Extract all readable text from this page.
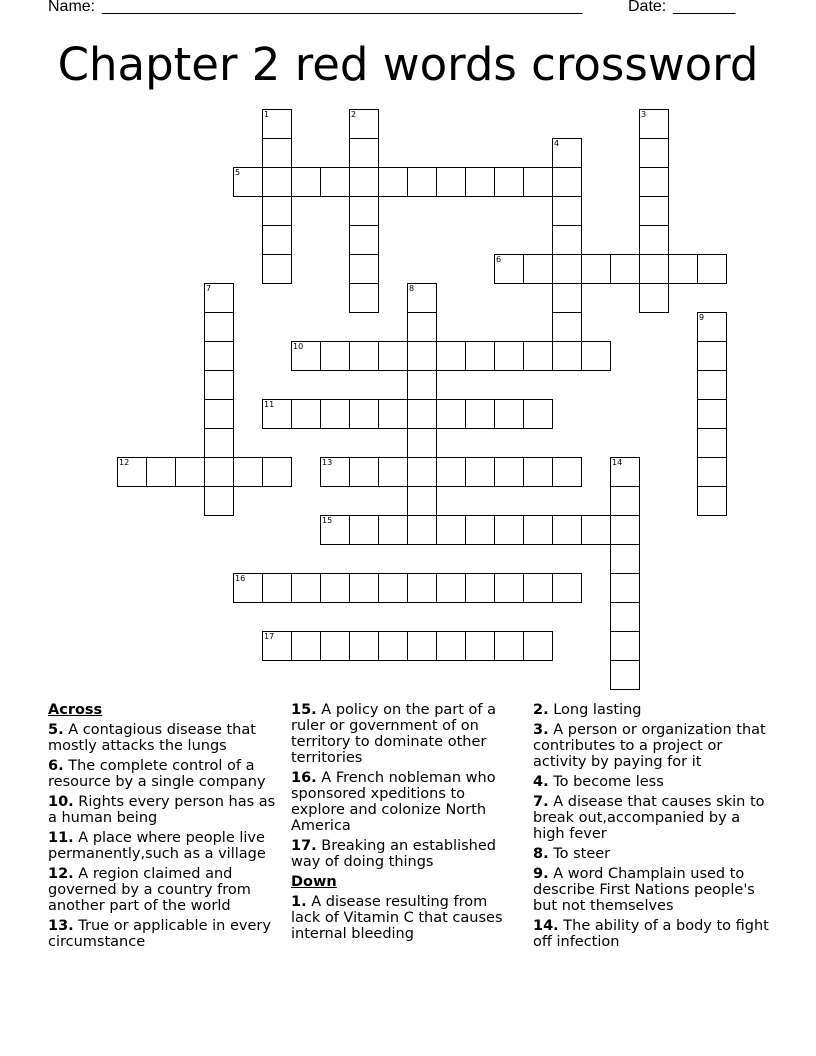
Name: ______________________________________________________	Date: _______
Chapter 2 red words crossword
1	2	3
4
5
6
7	8
9
10
11
12	13	14
15
16
17
Across
5. A contagious disease that mostly attacks the lungs
6. The complete control of a resource by a single company
10. Rights every person has as a human being
11. A place where people live permanently,such as a village
12. A region claimed and governed by a country from another part of the world
13. True or applicable in every circumstance
15. A policy on the part of a ruler or government of on territory to dominate other territories
16. A French nobleman who sponsored xpeditions to explore and colonize North America
17. Breaking an established way of doing things
Down
1. A disease resulting from lack of Vitamin C that causes internal bleeding
2. Long lasting
3. A person or organization that contributes to a project or activity by paying for it
4. To become less
7. A disease that causes skin to break out,accompanied by a high fever
8. To steer
9. A word Champlain used to describe First Nations people's but not themselves
14. The ability of a body to fight off infection
